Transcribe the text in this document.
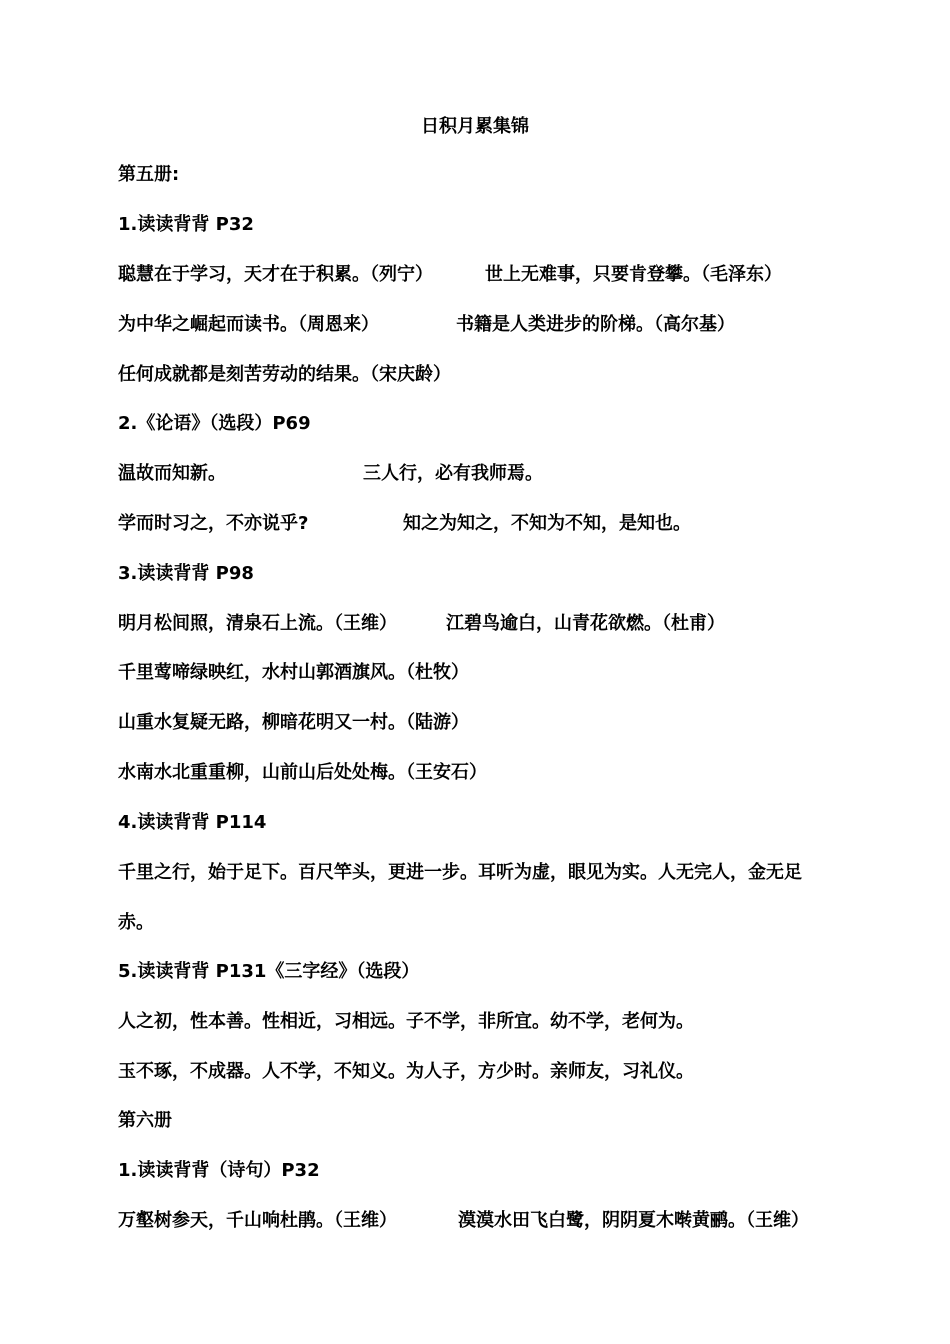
日积月累集锦
第五册:
1.读读背背 P32
聪慧在于学习，天才在于积累。（列宁）	世上无难事，只要肯登攀。（毛泽东）
为中华之崛起而读书。（周恩来）	书籍是人类进步的阶梯。（高尔基）
任何成就都是刻苦劳动的结果。（宋庆龄）
2.《论语》（选段）P69
温故而知新。	三人行，必有我师焉。
学而时习之，不亦说乎?	知之为知之，不知为不知，是知也。
3.读读背背 P98
明月松间照，清泉石上流。（王维）	江碧鸟逾白，山青花欲燃。（杜甫）
千里莺啼绿映红，水村山郭酒旗风。（杜牧）
山重水复疑无路，柳暗花明又一村。（陆游）
水南水北重重柳，山前山后处处梅。（王安石）
4.读读背背 P114
千里之行，始于足下。百尺竿头，更进一步。耳听为虚，眼见为实。人无完人，金无足
赤。
5.读读背背 P131《三字经》（选段）
人之初，性本善。性相近，习相远。子不学，非所宜。幼不学，老何为。
玉不琢，不成器。人不学，不知义。为人子，方少时。亲师友，习礼仪。
第六册
1.读读背背（诗句）P32
万壑树参天，千山响杜鹃。（王维）	漠漠水田飞白鹭，阴阴夏木啭黄鹂。（王维）
